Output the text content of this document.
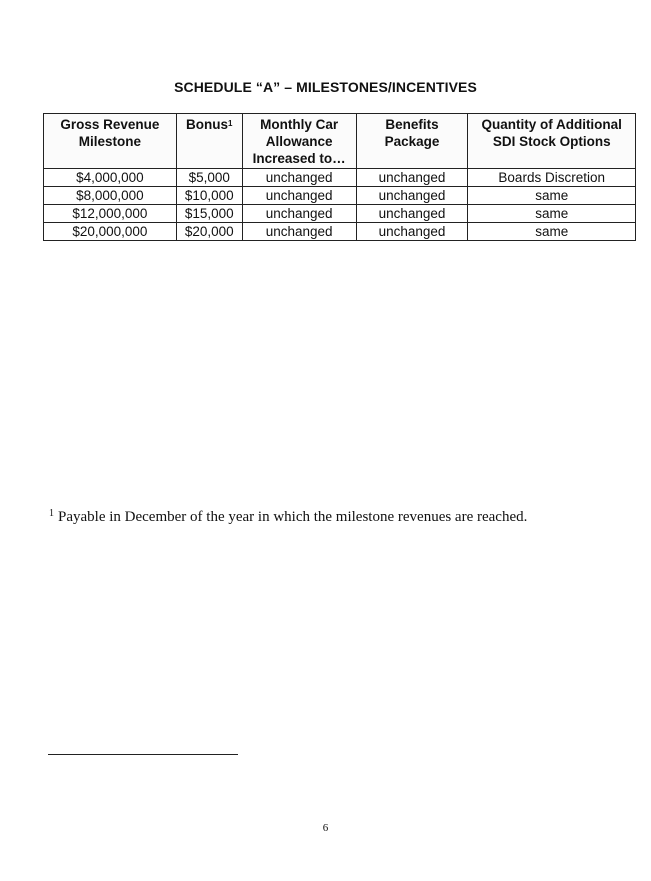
SCHEDULE “A” – MILESTONES/INCENTIVES
Gross Revenue Milestone	Bonus$^1$	Monthly Car Allowance Increased to…	Benefits Package	Quantity of Additional SDI Stock Options
$4,000,000	$5,000	unchanged	unchanged	Boards Discretion
$8,000,000	$10,000	unchanged	unchanged	same
$12,000,000	$15,000	unchanged	unchanged	same
$20,000,000	$20,000	unchanged	unchanged	same
$^1$ Payable in December of the year in which the milestone revenues are reached.
6
